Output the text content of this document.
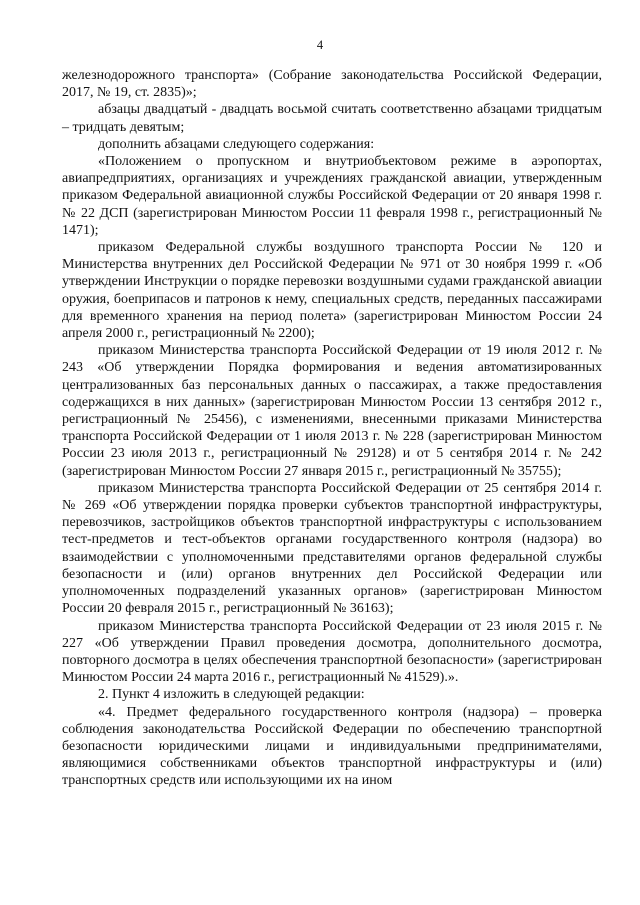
4

железнодорожного транспорта» (Собрание законодательства Российской Федерации, 2017, № 19, ст. 2835)»;

абзацы двадцатый - двадцать восьмой считать соответственно абзацами тридцатым – тридцать девятым;

дополнить абзацами следующего содержания:

«Положением о пропускном и внутриобъектовом режиме в аэропортах, авиапредприятиях, организациях и учреждениях гражданской авиации, утвержденным приказом Федеральной авиационной службы Российской Федерации от 20 января 1998 г. № 22 ДСП (зарегистрирован Минюстом России 11 февраля 1998 г., регистрационный № 1471);

приказом Федеральной службы воздушного транспорта России № 120 и Министерства внутренних дел Российской Федерации № 971 от 30 ноября 1999 г. «Об утверждении Инструкции о порядке перевозки воздушными судами гражданской авиации оружия, боеприпасов и патронов к нему, специальных средств, переданных пассажирами для временного хранения на период полета» (зарегистрирован Минюстом России 24 апреля 2000 г., регистрационный № 2200);

приказом Министерства транспорта Российской Федерации от 19 июля 2012 г. № 243 «Об утверждении Порядка формирования и ведения автоматизированных централизованных баз персональных данных о пассажирах, а также предоставления содержащихся в них данных» (зарегистрирован Минюстом России 13 сентября 2012 г., регистрационный № 25456), с изменениями, внесенными приказами Министерства транспорта Российской Федерации от 1 июля 2013 г. № 228 (зарегистрирован Минюстом России 23 июля 2013 г., регистрационный № 29128) и от 5 сентября 2014 г. № 242 (зарегистрирован Минюстом России 27 января 2015 г., регистрационный № 35755);

приказом Министерства транспорта Российской Федерации от 25 сентября 2014 г. № 269 «Об утверждении порядка проверки субъектов транспортной инфраструктуры, перевозчиков, застройщиков объектов транспортной инфраструктуры с использованием тест-предметов и тест-объектов органами государственного контроля (надзора) во взаимодействии с уполномоченными представителями органов федеральной службы безопасности и (или) органов внутренних дел Российской Федерации или уполномоченных подразделений указанных органов» (зарегистрирован Минюстом России 20 февраля 2015 г., регистрационный № 36163);

приказом Министерства транспорта Российской Федерации от 23 июля 2015 г. № 227 «Об утверждении Правил проведения досмотра, дополнительного досмотра, повторного досмотра в целях обеспечения транспортной безопасности» (зарегистрирован Минюстом России 24 марта 2016 г., регистрационный № 41529).».

2. Пункт 4 изложить в следующей редакции:

«4. Предмет федерального государственного контроля (надзора) – проверка соблюдения законодательства Российской Федерации по обеспечению транспортной безопасности юридическими лицами и индивидуальными предпринимателями, являющимися собственниками объектов транспортной инфраструктуры и (или) транспортных средств или использующими их на ином
